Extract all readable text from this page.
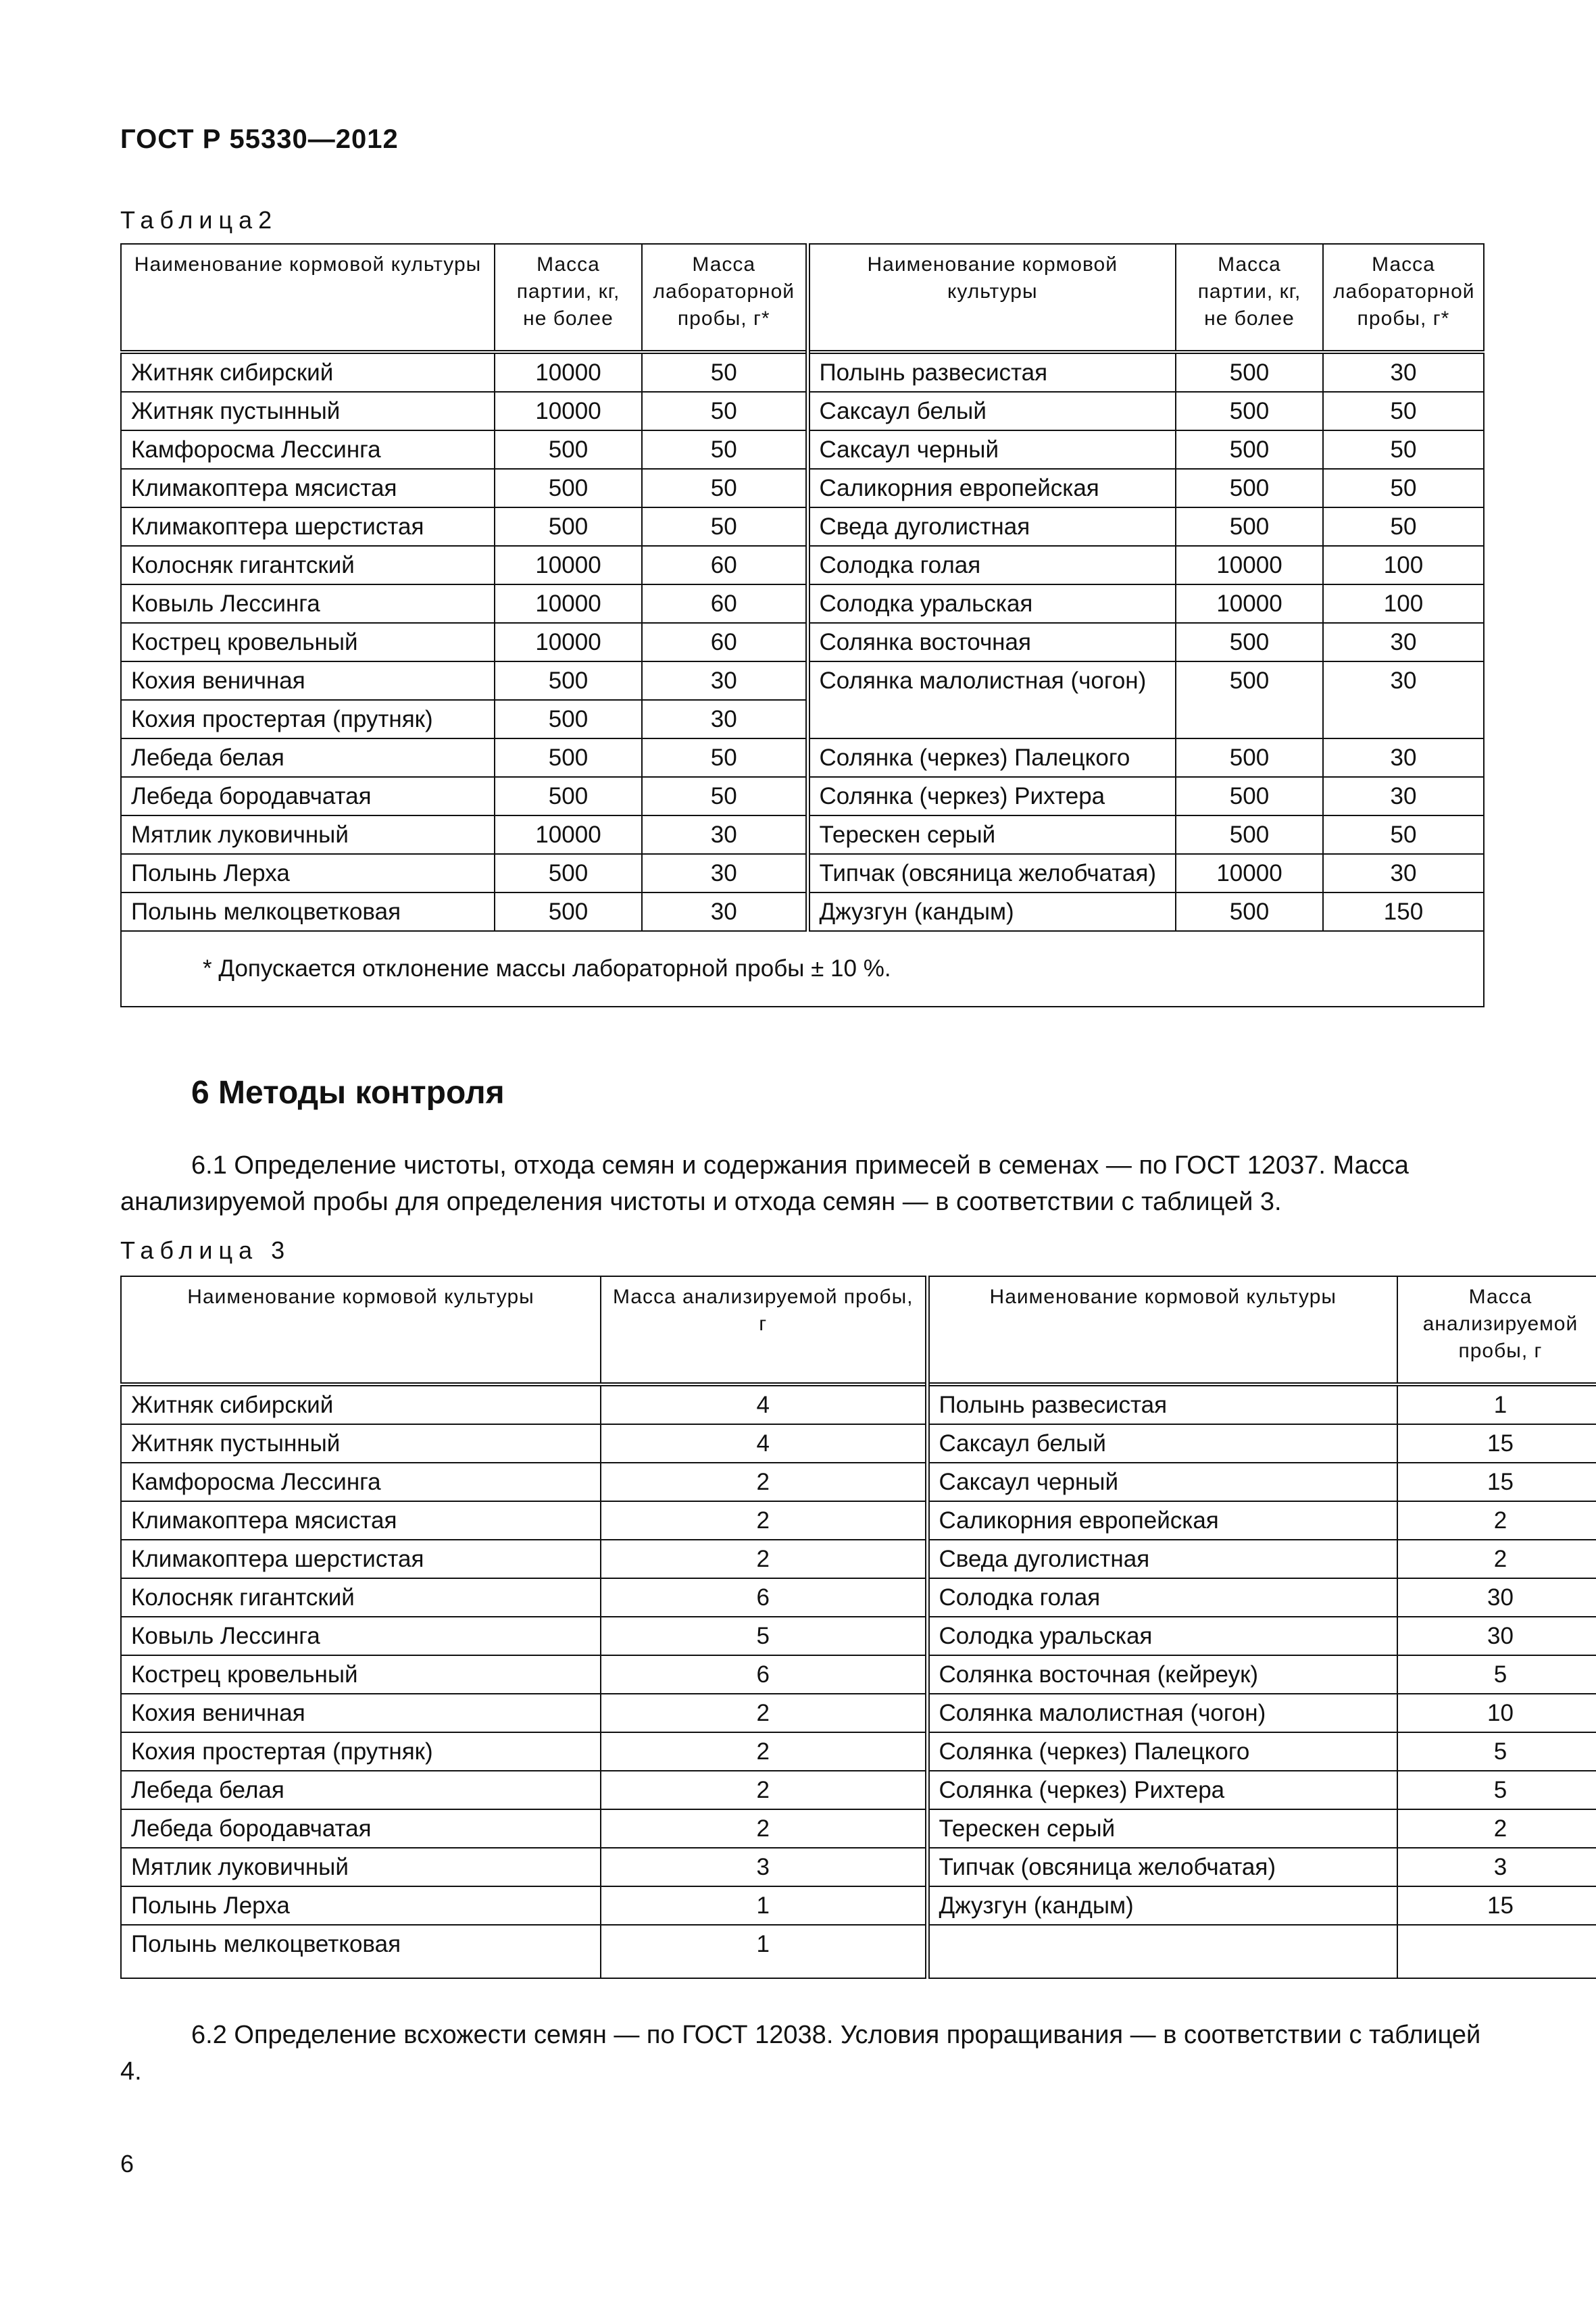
ГОСТ Р 55330—2012
Таблица2
Наименование кормовой культуры	Масса партии, кг, не более	Масса лабораторной пробы, г*	Наименование кормовой культуры	Масса партии, кг, не более	Масса лабораторной пробы, г*
Житняк сибирский	10000	50	Полынь развесистая	500	30
Житняк пустынный	10000	50	Саксаул белый	500	50
Камфоросма Лессинга	500	50	Саксаул черный	500	50
Климакоптера мясистая	500	50	Саликорния европейская	500	50
Климакоптера шерстистая	500	50	Сведа дуголистная	500	50
Колосняк гигантский	10000	60	Солодка голая	10000	100
Ковыль Лессинга	10000	60	Солодка уральская	10000	100
Кострец кровельный	10000	60	Солянка восточная	500	30
Кохия веничная	500	30	Солянка малолистная (чогон)	500	30
Кохия простертая (прутняк)	500	30			
Лебеда белая	500	50	Солянка (черкез) Палецкого	500	30
Лебеда бородавчатая	500	50	Солянка (черкез) Рихтера	500	30
Мятлик луковичный	10000	30	Терескен серый	500	50
Полынь Лерха	500	30	Типчак (овсяница желобчатая)	10000	30
Полынь мелкоцветковая	500	30	Джузгун (кандым)	500	150
* Допускается отклонение массы лабораторной пробы ± 10 %.					
6 Методы контроля
6.1 Определение чистоты, отхода семян и содержания примесей в семенах — по ГОСТ 12037. Масса анализируемой пробы для определения чистоты и отхода семян — в соответствии с таблицей 3.
Таблица 3
Наименование кормовой культуры	Масса анализируемой пробы, г	Наименование кормовой культуры	Масса анализируемой пробы, г
Житняк сибирский	4	Полынь развесистая	1
Житняк пустынный	4	Саксаул белый	15
Камфоросма Лессинга	2	Саксаул черный	15
Климакоптера мясистая	2	Саликорния европейская	2
Климакоптера шерстистая	2	Сведа дуголистная	2
Колосняк гигантский	6	Солодка голая	30
Ковыль Лессинга	5	Солодка уральская	30
Кострец кровельный	6	Солянка восточная (кейреук)	5
Кохия веничная	2	Солянка малолистная (чогон)	10
Кохия простертая (прутняк)	2	Солянка (черкез) Палецкого	5
Лебеда белая	2	Солянка (черкез) Рихтера	5
Лебеда бородавчатая	2	Терескен серый	2
Мятлик луковичный	3	Типчак (овсяница желобчатая)	3
Полынь Лерха	1	Джузгун (кандым)	15
Полынь мелкоцветковая	1		
6.2 Определение всхожести семян — по ГОСТ 12038. Условия проращивания — в соответствии с таблицей 4.
6
